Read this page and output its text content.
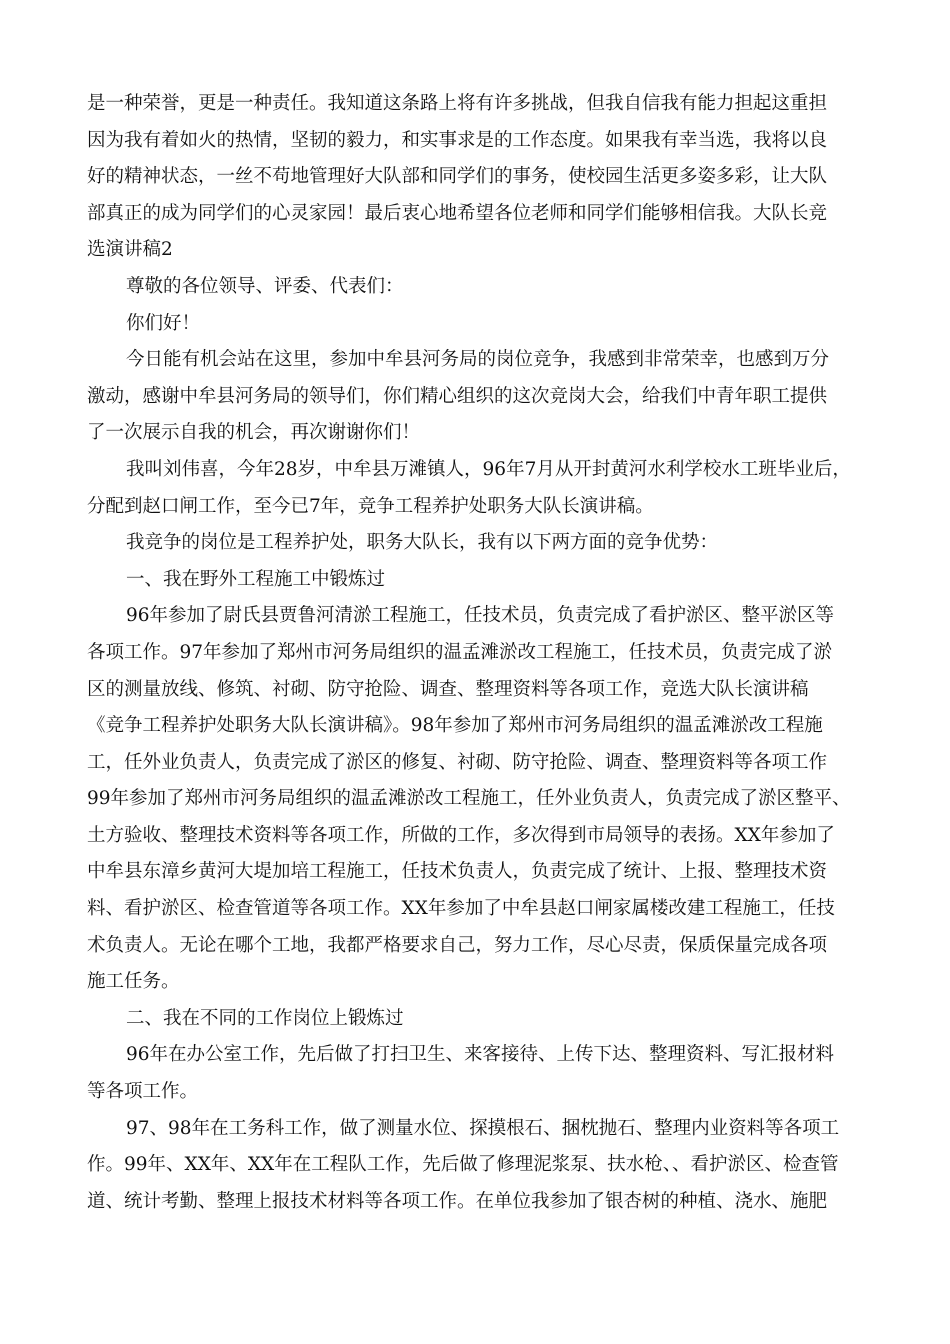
是一种荣誉，更是一种责任。我知道这条路上将有许多挑战，但我自信我有能力担起这重担
因为我有着如火的热情，坚韧的毅力，和实事求是的工作态度。如果我有幸当选，我将以良
好的精神状态，一丝不苟地管理好大队部和同学们的事务，使校园生活更多姿多彩，让大队
部真正的成为同学们的心灵家园！最后衷心地希望各位老师和同学们能够相信我。大队长竞
选演讲稿2
尊敬的各位领导、评委、代表们：
你们好！
今日能有机会站在这里，参加中牟县河务局的岗位竞争，我感到非常荣幸，也感到万分
激动，感谢中牟县河务局的领导们，你们精心组织的这次竞岗大会，给我们中青年职工提供
了一次展示自我的机会，再次谢谢你们！
我叫刘伟喜，今年28岁，中牟县万滩镇人，96年7月从开封黄河水利学校水工班毕业后，
分配到赵口闸工作，至今已7年，竞争工程养护处职务大队长演讲稿。
我竞争的岗位是工程养护处，职务大队长，我有以下两方面的竞争优势：
一、我在野外工程施工中锻炼过
96年参加了尉氏县贾鲁河清淤工程施工，任技术员，负责完成了看护淤区、整平淤区等
各项工作。97年参加了郑州市河务局组织的温孟滩淤改工程施工，任技术员，负责完成了淤
区的测量放线、修筑、衬砌、防守抢险、调查、整理资料等各项工作，竞选大队长演讲稿
《竞争工程养护处职务大队长演讲稿》。98年参加了郑州市河务局组织的温孟滩淤改工程施
工，任外业负责人，负责完成了淤区的修复、衬砌、防守抢险、调查、整理资料等各项工作
99年参加了郑州市河务局组织的温孟滩淤改工程施工，任外业负责人，负责完成了淤区整平、
土方验收、整理技术资料等各项工作，所做的工作，多次得到市局领导的表扬。XX年参加了
中牟县东漳乡黄河大堤加培工程施工，任技术负责人，负责完成了统计、上报、整理技术资
料、看护淤区、检查管道等各项工作。XX年参加了中牟县赵口闸家属楼改建工程施工，任技
术负责人。无论在哪个工地，我都严格要求自己，努力工作，尽心尽责，保质保量完成各项
施工任务。
二、我在不同的工作岗位上锻炼过
96年在办公室工作，先后做了打扫卫生、来客接待、上传下达、整理资料、写汇报材料
等各项工作。
97、98年在工务科工作，做了测量水位、探摸根石、捆枕抛石、整理内业资料等各项工
作。99年、XX年、XX年在工程队工作，先后做了修理泥浆泵、扶水枪、、看护淤区、检查管
道、统计考勤、整理上报技术材料等各项工作。在单位我参加了银杏树的种植、浇水、施肥
